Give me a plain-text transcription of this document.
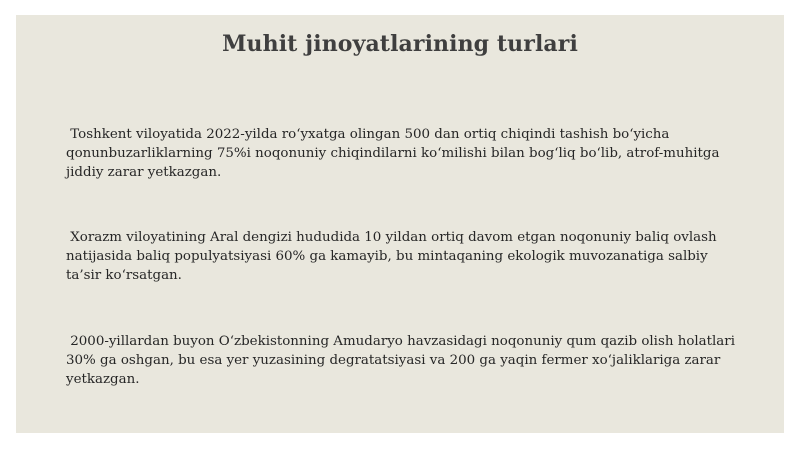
Muhit jinoyatlarining turlari
Toshkent viloyatida 2022-yilda ro‘yxatga olingan 500 dan ortiq chiqindi tashish bo‘yicha qonunbuzarliklarning 75%i noqonuniy chiqindilarni ko‘milishi bilan bog‘liq bo‘lib, atrof-muhitga jiddiy zarar yetkazgan.
Xorazm viloyatining Aral dengizi hududida 10 yildan ortiq davom etgan noqonuniy baliq ovlash natijasida baliq populyatsiyasi 60% ga kamayib, bu mintaqaning ekologik muvozanatiga salbiy ta’sir ko‘rsatgan.
2000-yillardan buyon O‘zbekistonning Amudaryo havzasidagi noqonuniy qum qazib olish holatlari 30% ga oshgan, bu esa yer yuzasining degratatsiyasi va 200 ga yaqin fermer xo‘jaliklariga zarar yetkazgan.
